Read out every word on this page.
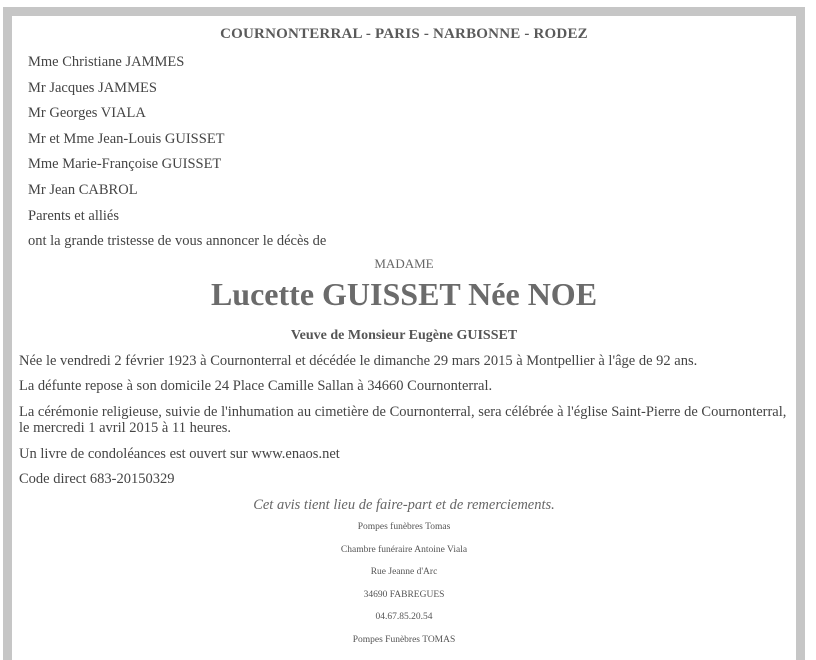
COURNONTERRAL - PARIS - NARBONNE - RODEZ
Mme Christiane JAMMES
Mr Jacques JAMMES
Mr Georges VIALA
Mr et Mme Jean-Louis GUISSET
Mme Marie-Françoise GUISSET
Mr Jean CABROL
Parents et alliés
ont la grande tristesse de vous annoncer le décès de
MADAME
Lucette GUISSET Née NOE
Veuve de Monsieur Eugène GUISSET
Née le vendredi 2 février 1923 à Cournonterral et décédée le dimanche 29 mars 2015 à Montpellier à l'âge de 92 ans.
La défunte repose à son domicile 24 Place Camille Sallan à 34660 Cournonterral.
La cérémonie religieuse, suivie de l'inhumation au cimetière de Cournonterral, sera célébrée à l'église Saint-Pierre de Cournonterral, le mercredi 1 avril 2015 à 11 heures.
Un livre de condoléances est ouvert sur www.enaos.net
Code direct 683-20150329
Cet avis tient lieu de faire-part et de remerciements.
Pompes funèbres Tomas
Chambre funéraire Antoine Viala
Rue Jeanne d'Arc
34690 FABREGUES
04.67.85.20.54
Pompes Funèbres TOMAS
